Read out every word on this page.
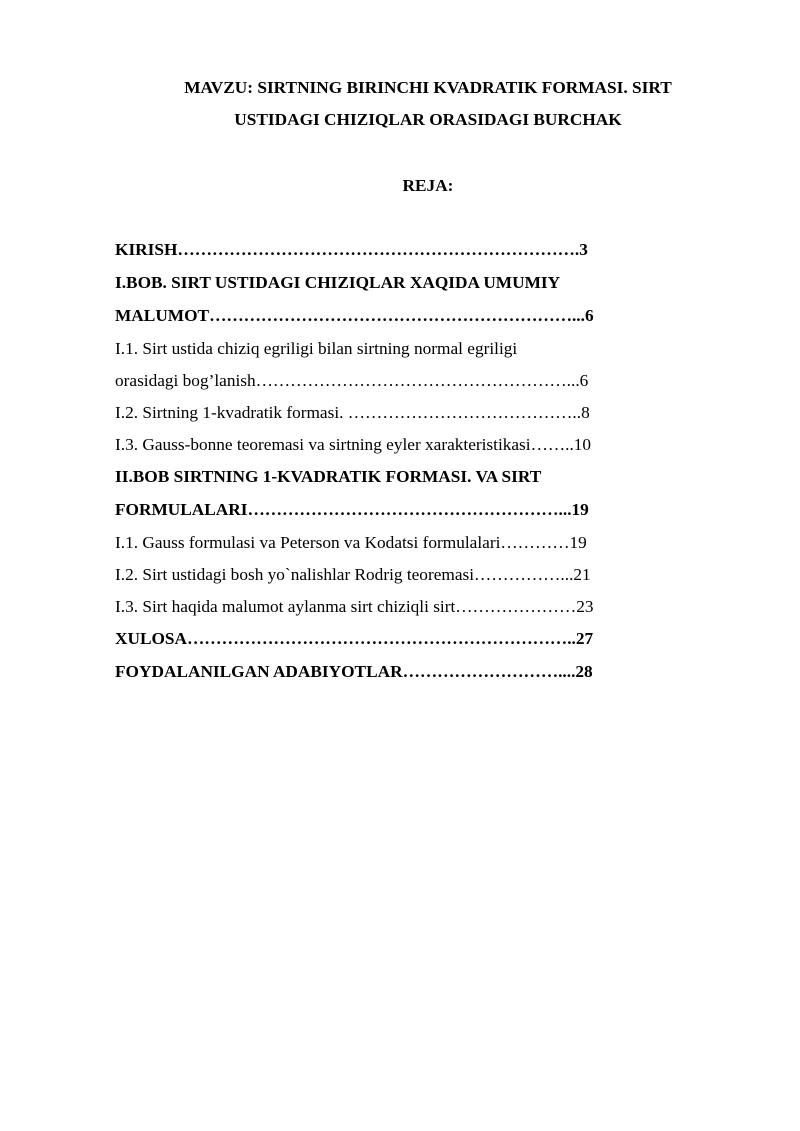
MAVZU: SIRTNING BIRINCHI KVADRATIK FORMASI. SIRT
USTIDAGI CHIZIQLAR ORASIDAGI BURCHAK
REJA:
KIRISH…………………………………………………………….3
I.BOB. SIRT USTIDAGI CHIZIQLAR XAQIDA UMUMIY
MALUMOT………………………………………………………...6
I.1. Sirt ustida chiziq egriligi bilan sirtning normal egriligi
orasidagi bog’lanish………………………………………………...6
I.2. Sirtning 1-kvadratik formasi. …………………………………..8
I.3. Gauss-bonne teoremasi va sirtning eyler xarakteristikasi……..10
II.BOB SIRTNING 1-KVADRATIK FORMASI. VA SIRT
FORMULALARI………………………………………………...19
I.1. Gauss formulasi va Peterson va Kodatsi formulalari…………19
I.2. Sirt ustidagi bosh yo`nalishlar Rodrig teoremasi……………...21
I.3. Sirt haqida malumot aylanma sirt chiziqli sirt…………………23
XULOSA…………………………………………………………..27
FOYDALANILGAN ADABIYOTLAR………………………....28
